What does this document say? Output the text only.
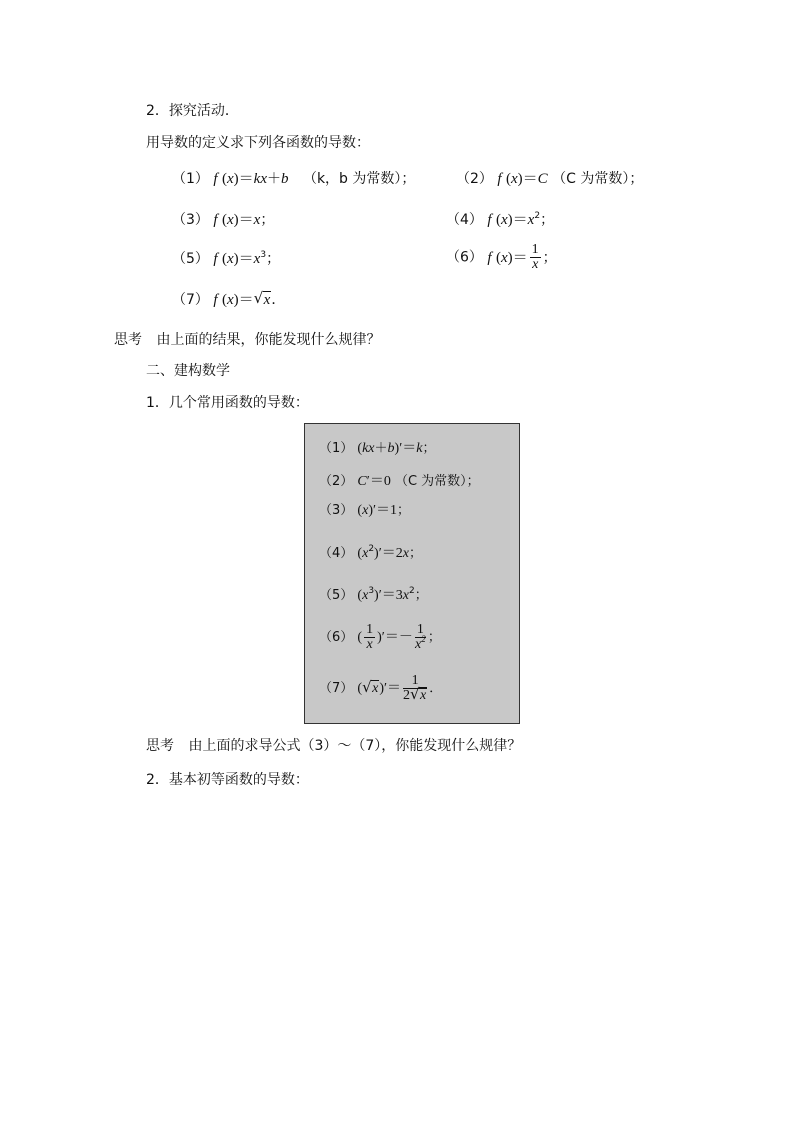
2．探究活动．
用导数的定义求下列各函数的导数：
（1） f (x)＝kx＋b （k，b 为常数）；	（2） f (x)＝C （C 为常数）；
（3） f (x)＝x；	（4） f $(x)=x^2$；
（5） f $(x)=x^3$；	（6） f $(x)= \frac{1}{x}$ ；
（7） f (x)＝ √ x．
思考 由上面的结果，你能发现什么规律？
二、建构数学
1．几个常用函数的导数：
（1） (kx＋b)′＝k；
（2） C′＝0 （C 为常数）；
（3） (x)′＝1；
（4） $(x^2)'=2x$；
（5） $(x^3)'=3x^2$；
（6） ( $\frac{1}{x}$ )′＝－ $\frac{1}{x^2}$ ；
（7） ( √ $x)'= \frac{1}{2 √ x}$ ．
思考 由上面的求导公式（3）～（7），你能发现什么规律？
2．基本初等函数的导数：
